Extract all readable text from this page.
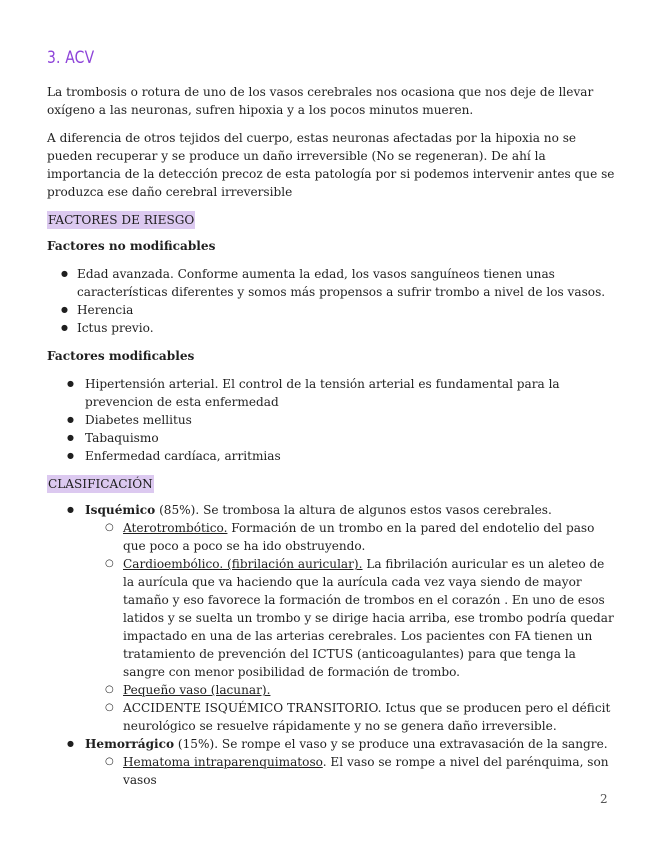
3. ACV

La trombosis o rotura de uno de los vasos cerebrales nos ocasiona que nos deje de llevar oxígeno a las neuronas, sufren hipoxia y a los pocos minutos mueren.

A diferencia de otros tejidos del cuerpo, estas neuronas afectadas por la hipoxia no se pueden recuperar y se produce un daño irreversible (No se regeneran). De ahí la importancia de la detección precoz de esta patología por si podemos intervenir antes que se produzca ese daño cerebral irreversible

FACTORES DE RIESGO
Factores no modificables
● Edad avanzada. Conforme aumenta la edad, los vasos sanguíneos tienen unas características diferentes y somos más propensos a sufrir trombo a nivel de los vasos.
● Herencia
● Ictus previo.
Factores modificables
● Hipertensión arterial. El control de la tensión arterial es fundamental para la prevencion de esta enfermedad
● Diabetes mellitus
● Tabaquismo
● Enfermedad cardíaca, arritmias
CLASIFICACIÓN
● Isquémico (85%). Se trombosa la altura de algunos estos vasos cerebrales.
○ Aterotrombótico. Formación de un trombo en la pared del endotelio del paso que poco a poco se ha ido obstruyendo.
○ Cardioembólico. (fibrilación auricular). La fibrilación auricular es un aleteo de la aurícula que va haciendo que la aurícula cada vez vaya siendo de mayor tamaño y eso favorece la formación de trombos en el corazón . En uno de esos latidos y se suelta un trombo y se dirige hacia arriba, ese trombo podría quedar impactado en una de las arterias cerebrales. Los pacientes con FA tienen un tratamiento de prevención del ICTUS (anticoagulantes) para que tenga la sangre con menor posibilidad de formación de trombo.
○ Pequeño vaso (lacunar).
○ ACCIDENTE ISQUÉMICO TRANSITORIO. Ictus que se producen pero el déficit neurológico se resuelve rápidamente y no se genera daño irreversible.
● Hemorrágico (15%). Se rompe el vaso y se produce una extravasación de la sangre.
○ Hematoma intraparenquimatoso. El vaso se rompe a nivel del parénquima, son vasos
2
